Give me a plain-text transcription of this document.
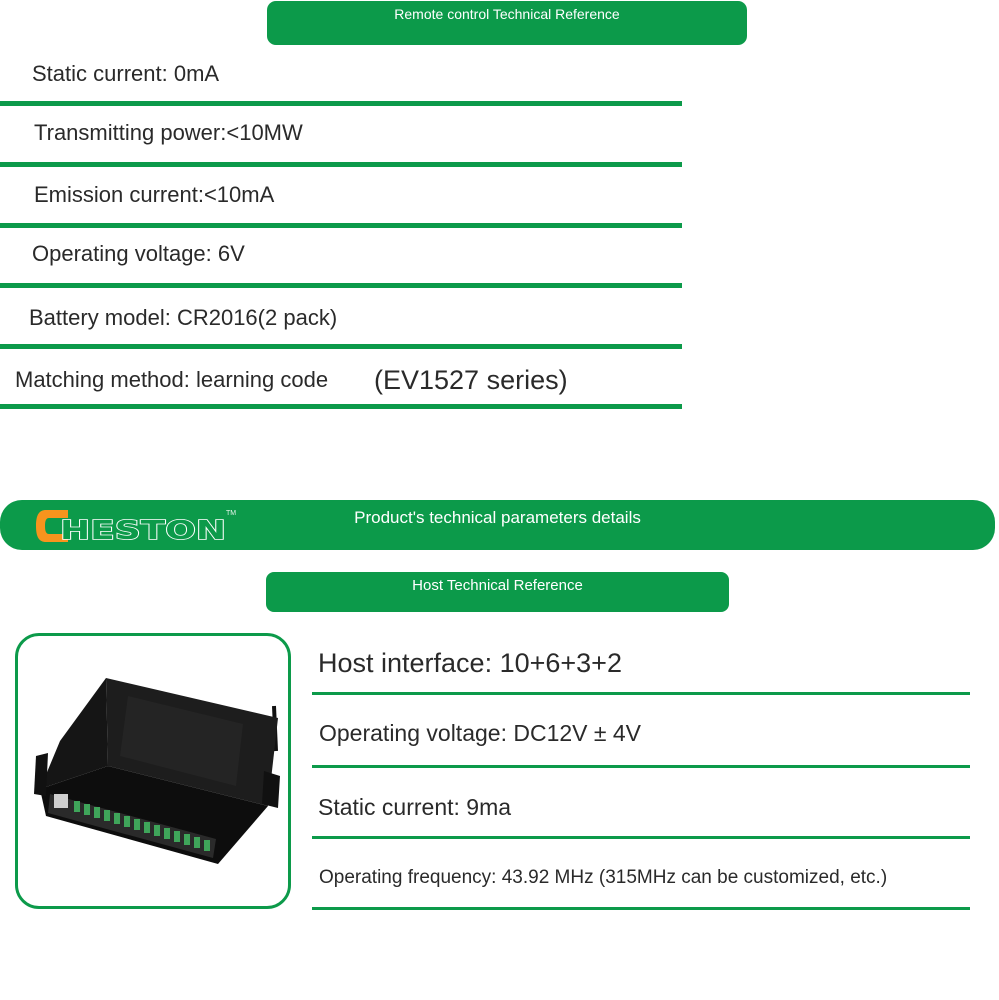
Remote control Technical Reference
Static current: 0mA
Transmitting power:<10MW
Emission current:<10mA
Operating voltage: 6V
Battery model: CR2016(2 pack)
Matching method: learning code (EV1527 series)
Product's technical parameters details
HESTON
TM
Host Technical Reference
Host interface: 10+6+3+2
Operating voltage: DC12V ± 4V
Static current: 9ma
Operating frequency: 43.92 MHz (315MHz can be customized, etc.)
